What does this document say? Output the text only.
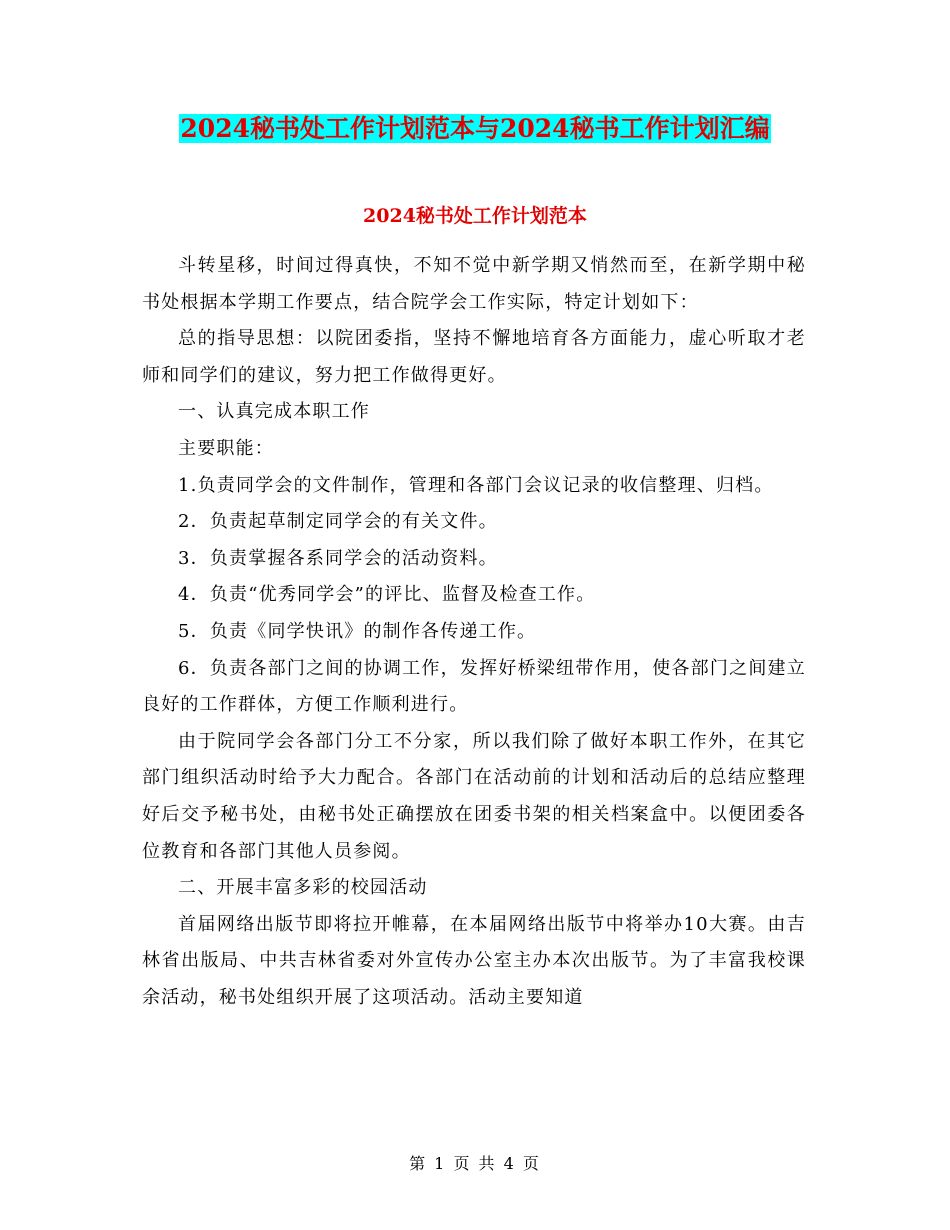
2024秘书处工作计划范本与2024秘书工作计划汇编
2024秘书处工作计划范本

斗转星移，时间过得真快，不知不觉中新学期又悄然而至，在新学期中秘书处根据本学期工作要点，结合院学会工作实际，特定计划如下：

总的指导思想：以院团委指，坚持不懈地培育各方面能力，虚心听取才老师和同学们的建议，努力把工作做得更好。

一、认真完成本职工作

主要职能：

1.负责同学会的文件制作，管理和各部门会议记录的收信整理、归档。

2．负责起草制定同学会的有关文件。

3．负责掌握各系同学会的活动资料。

4．负责“优秀同学会”的评比、监督及检查工作。

5．负责《同学快讯》的制作各传递工作。

6．负责各部门之间的协调工作，发挥好桥梁纽带作用，使各部门之间建立良好的工作群体，方便工作顺利进行。

由于院同学会各部门分工不分家，所以我们除了做好本职工作外，在其它部门组织活动时给予大力配合。各部门在活动前的计划和活动后的总结应整理好后交予秘书处，由秘书处正确摆放在团委书架的相关档案盒中。以便团委各位教育和各部门其他人员参阅。

二、开展丰富多彩的校园活动

首届网络出版节即将拉开帷幕，在本届网络出版节中将举办10大赛。由吉林省出版局、中共吉林省委对外宣传办公室主办本次出版节。为了丰富我校课余活动，秘书处组织开展了这项活动。活动主要知道

第 1 页 共 4 页
